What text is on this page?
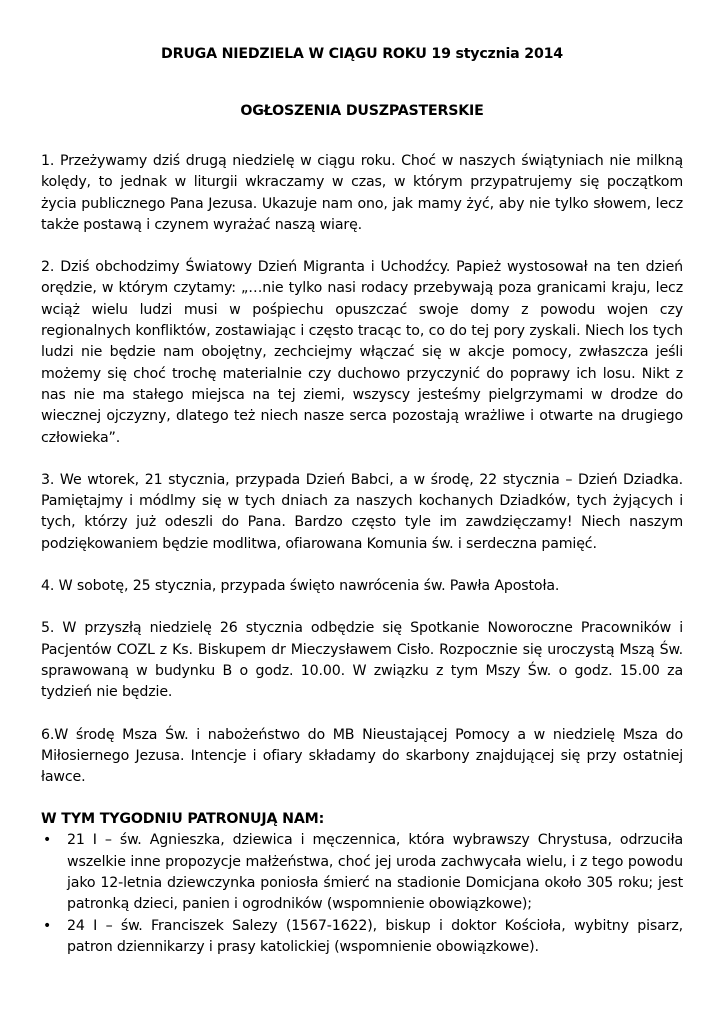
DRUGA NIEDZIELA W CIĄGU ROKU 19 stycznia 2014
OGŁOSZENIA DUSZPASTERSKIE

1. Przeżywamy dziś drugą niedzielę w ciągu roku. Choć w naszych świątyniach nie milkną kolędy, to jednak w liturgii wkraczamy w czas, w którym przypatrujemy się początkom życia publicznego Pana Jezusa. Ukazuje nam ono, jak mamy żyć, aby nie tylko słowem, lecz także postawą i czynem wyrażać naszą wiarę.

2. Dziś obchodzimy Światowy Dzień Migranta i Uchodźcy. Papież wystosował na ten dzień orędzie, w którym czytamy: „…nie tylko nasi rodacy przebywają poza granicami kraju, lecz wciąż wielu ludzi musi w pośpiechu opuszczać swoje domy z powodu wojen czy regionalnych konfliktów, zostawiając i często tracąc to, co do tej pory zyskali. Niech los tych ludzi nie będzie nam obojętny, zechciejmy włączać się w akcje pomocy, zwłaszcza jeśli możemy się choć trochę materialnie czy duchowo przyczynić do poprawy ich losu. Nikt z nas nie ma stałego miejsca na tej ziemi, wszyscy jesteśmy pielgrzymami w drodze do wiecznej ojczyzny, dlatego też niech nasze serca pozostają wrażliwe i otwarte na drugiego człowieka”.

3. We wtorek, 21 stycznia, przypada Dzień Babci, a w środę, 22 stycznia – Dzień Dziadka. Pamiętajmy i módlmy się w tych dniach za naszych kochanych Dziadków, tych żyjących i tych, którzy już odeszli do Pana. Bardzo często tyle im zawdzięczamy! Niech naszym podziękowaniem będzie modlitwa, ofiarowana Komunia św. i serdeczna pamięć.

4. W sobotę, 25 stycznia, przypada święto nawrócenia św. Pawła Apostoła.

5. W przyszłą niedzielę 26 stycznia odbędzie się Spotkanie Noworoczne Pracowników i Pacjentów COZL z Ks. Biskupem dr Mieczysławem Cisło. Rozpocznie się uroczystą Mszą Św. sprawowaną w budynku B o godz. 10.00. W związku z tym Mszy Św. o godz. 15.00 za tydzień nie będzie.

6.W środę Msza Św. i nabożeństwo do MB Nieustającej Pomocy a w niedzielę Msza do Miłosiernego Jezusa. Intencje i ofiary składamy do skarbony znajdującej się przy ostatniej ławce.

W TYM TYGODNIU PATRONUJĄ NAM:
• 21 I – św. Agnieszka, dziewica i męczennica, która wybrawszy Chrystusa, odrzuciła wszelkie inne propozycje małżeństwa, choć jej uroda zachwycała wielu, i z tego powodu jako 12-letnia dziewczynka poniosła śmierć na stadionie Domicjana około 305 roku; jest patronką dzieci, panien i ogrodników (wspomnienie obowiązkowe);
• 24 I – św. Franciszek Salezy (1567-1622), biskup i doktor Kościoła, wybitny pisarz, patron dziennikarzy i prasy katolickiej (wspomnienie obowiązkowe).
